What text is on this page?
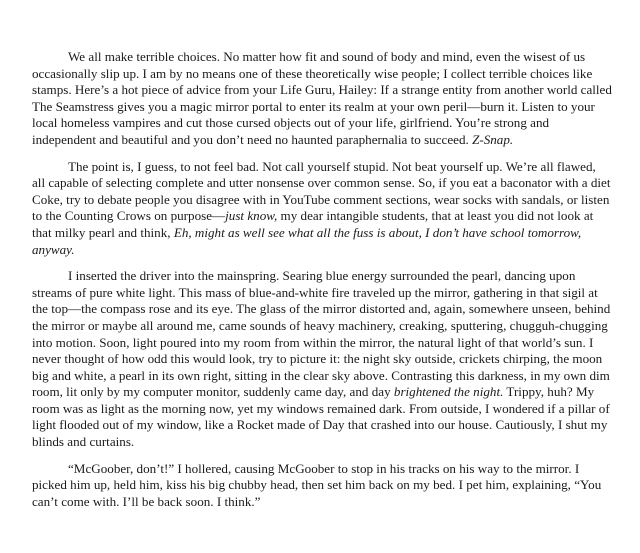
We all make terrible choices. No matter how fit and sound of body and mind, even the wisest of us occasionally slip up. I am by no means one of these theoretically wise people; I collect terrible choices like stamps. Here’s a hot piece of advice from your Life Guru, Hailey: If a strange entity from another world called The Seamstress gives you a magic mirror portal to enter its realm at your own peril—burn it. Listen to your local homeless vampires and cut those cursed objects out of your life, girlfriend. You’re strong and independent and beautiful and you don’t need no haunted paraphernalia to succeed. Z-Snap.

The point is, I guess, to not feel bad. Not call yourself stupid. Not beat yourself up. We’re all flawed, all capable of selecting complete and utter nonsense over common sense. So, if you eat a baconator with a diet Coke, try to debate people you disagree with in YouTube comment sections, wear socks with sandals, or listen to the Counting Crows on purpose—just know, my dear intangible students, that at least you did not look at that milky pearl and think, Eh, might as well see what all the fuss is about, I don’t have school tomorrow, anyway.

I inserted the driver into the mainspring. Searing blue energy surrounded the pearl, dancing upon streams of pure white light. This mass of blue-and-white fire traveled up the mirror, gathering in that sigil at the top—the compass rose and its eye. The glass of the mirror distorted and, again, somewhere unseen, behind the mirror or maybe all around me, came sounds of heavy machinery, creaking, sputtering, chugguh-chugging into motion. Soon, light poured into my room from within the mirror, the natural light of that world’s sun. I never thought of how odd this would look, try to picture it: the night sky outside, crickets chirping, the moon big and white, a pearl in its own right, sitting in the clear sky above. Contrasting this darkness, in my own dim room, lit only by my computer monitor, suddenly came day, and day brightened the night. Trippy, huh? My room was as light as the morning now, yet my windows remained dark. From outside, I wondered if a pillar of light flooded out of my window, like a Rocket made of Day that crashed into our house. Cautiously, I shut my blinds and curtains.

“McGoober, don’t!” I hollered, causing McGoober to stop in his tracks on his way to the mirror. I picked him up, held him, kiss his big chubby head, then set him back on my bed. I pet him, explaining, “You can’t come with. I’ll be back soon. I think.”
